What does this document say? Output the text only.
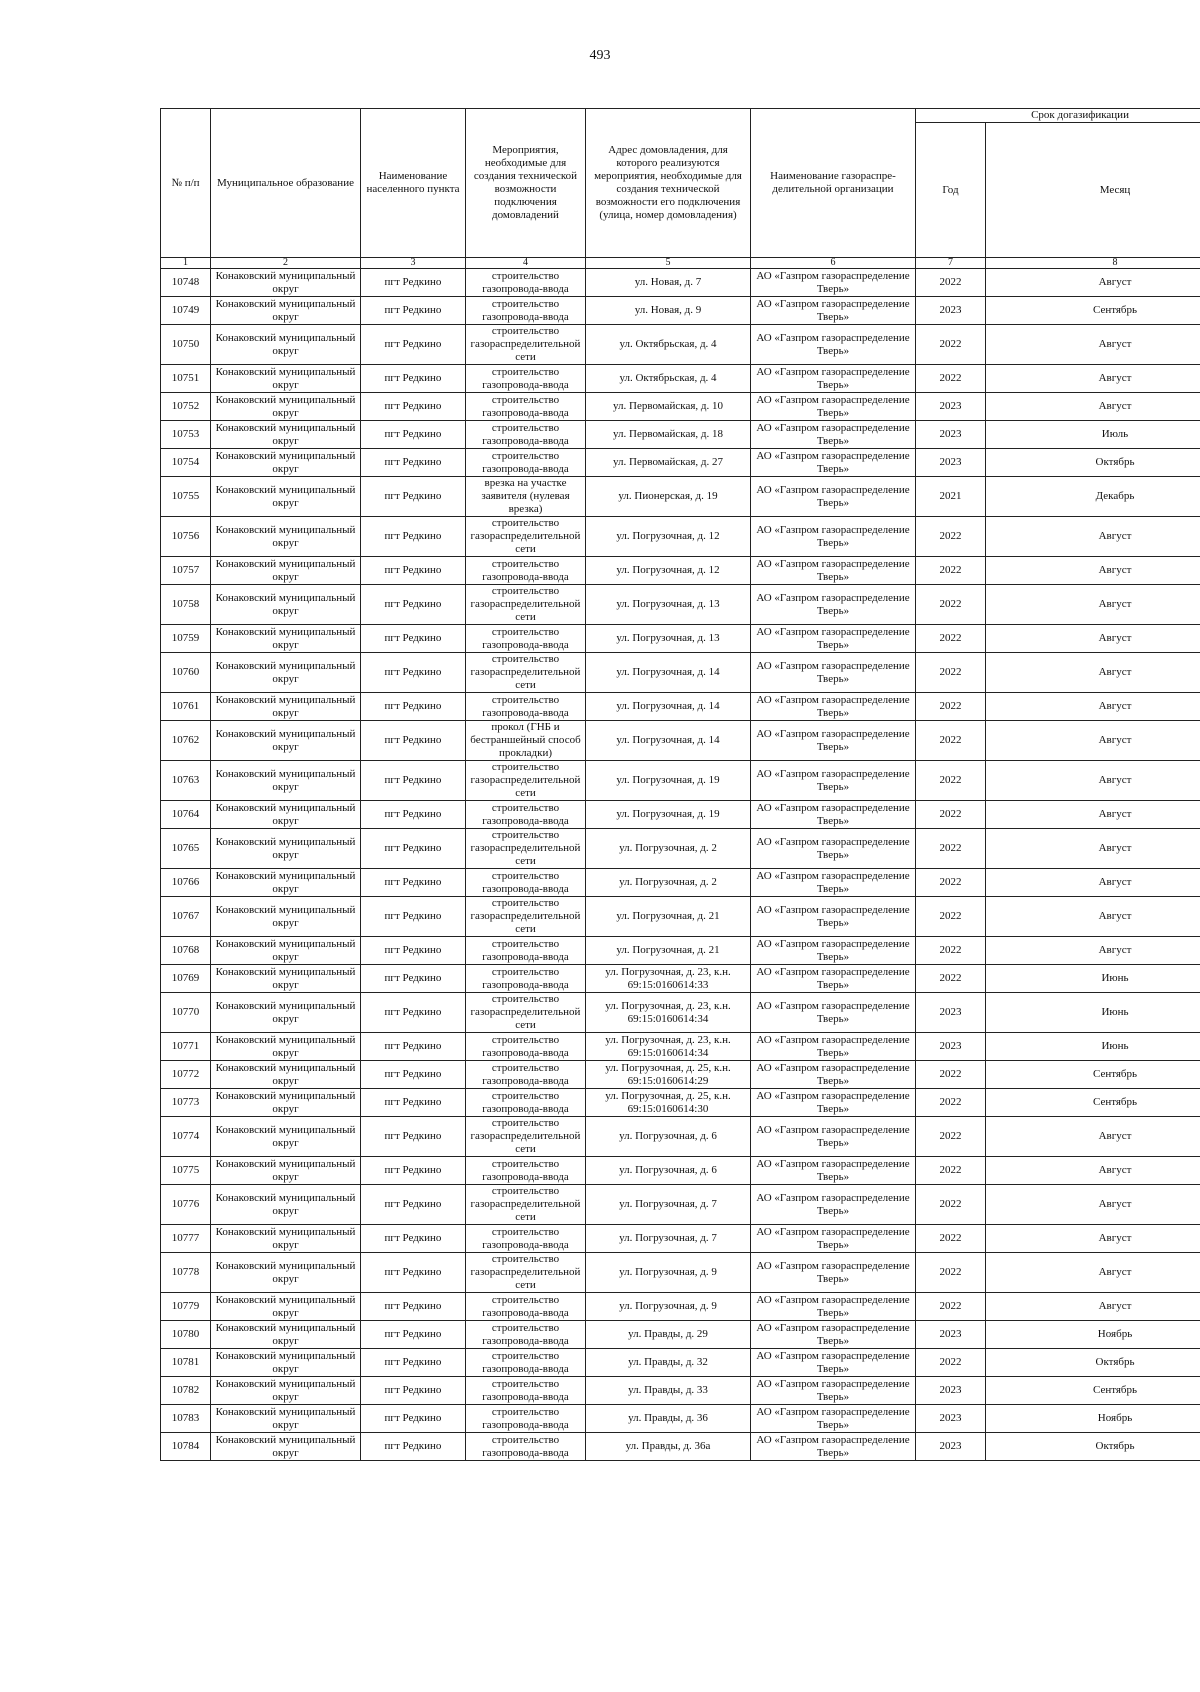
493
№ п/п	Муниципальное образование	Наименование населенного пункта	Мероприятия, необходимые для создания технической возможности подключения домовладений	Адрес домовладения, для которого реализуются мероприятия, необходимые для создания технической возможности его подключения (улица, номер домовладения)	Наименование газораспре-делительной организации	Срок догазификации	
						Год	Месяц
1	2	3	4	5	6	7	8
10748	Конаковский муниципальный округ	пгт Редкино	строительство газопровода-ввода	ул. Новая, д. 7	АО «Газпром газораспределение Тверь»	2022	Август
10749	Конаковский муниципальный округ	пгт Редкино	строительство газопровода-ввода	ул. Новая, д. 9	АО «Газпром газораспределение Тверь»	2023	Сентябрь
10750	Конаковский муниципальный округ	пгт Редкино	строительство газораспределительной сети	ул. Октябрьская, д. 4	АО «Газпром газораспределение Тверь»	2022	Август
10751	Конаковский муниципальный округ	пгт Редкино	строительство газопровода-ввода	ул. Октябрьская, д. 4	АО «Газпром газораспределение Тверь»	2022	Август
10752	Конаковский муниципальный округ	пгт Редкино	строительство газопровода-ввода	ул. Первомайская, д. 10	АО «Газпром газораспределение Тверь»	2023	Август
10753	Конаковский муниципальный округ	пгт Редкино	строительство газопровода-ввода	ул. Первомайская, д. 18	АО «Газпром газораспределение Тверь»	2023	Июль
10754	Конаковский муниципальный округ	пгт Редкино	строительство газопровода-ввода	ул. Первомайская, д. 27	АО «Газпром газораспределение Тверь»	2023	Октябрь
10755	Конаковский муниципальный округ	пгт Редкино	врезка на участке заявителя (нулевая врезка)	ул. Пионерская, д. 19	АО «Газпром газораспределение Тверь»	2021	Декабрь
10756	Конаковский муниципальный округ	пгт Редкино	строительство газораспределительной сети	ул. Погрузочная, д. 12	АО «Газпром газораспределение Тверь»	2022	Август
10757	Конаковский муниципальный округ	пгт Редкино	строительство газопровода-ввода	ул. Погрузочная, д. 12	АО «Газпром газораспределение Тверь»	2022	Август
10758	Конаковский муниципальный округ	пгт Редкино	строительство газораспределительной сети	ул. Погрузочная, д. 13	АО «Газпром газораспределение Тверь»	2022	Август
10759	Конаковский муниципальный округ	пгт Редкино	строительство газопровода-ввода	ул. Погрузочная, д. 13	АО «Газпром газораспределение Тверь»	2022	Август
10760	Конаковский муниципальный округ	пгт Редкино	строительство газораспределительной сети	ул. Погрузочная, д. 14	АО «Газпром газораспределение Тверь»	2022	Август
10761	Конаковский муниципальный округ	пгт Редкино	строительство газопровода-ввода	ул. Погрузочная, д. 14	АО «Газпром газораспределение Тверь»	2022	Август
10762	Конаковский муниципальный округ	пгт Редкино	прокол (ГНБ и бестраншейный способ прокладки)	ул. Погрузочная, д. 14	АО «Газпром газораспределение Тверь»	2022	Август
10763	Конаковский муниципальный округ	пгт Редкино	строительство газораспределительной сети	ул. Погрузочная, д. 19	АО «Газпром газораспределение Тверь»	2022	Август
10764	Конаковский муниципальный округ	пгт Редкино	строительство газопровода-ввода	ул. Погрузочная, д. 19	АО «Газпром газораспределение Тверь»	2022	Август
10765	Конаковский муниципальный округ	пгт Редкино	строительство газораспределительной сети	ул. Погрузочная, д. 2	АО «Газпром газораспределение Тверь»	2022	Август
10766	Конаковский муниципальный округ	пгт Редкино	строительство газопровода-ввода	ул. Погрузочная, д. 2	АО «Газпром газораспределение Тверь»	2022	Август
10767	Конаковский муниципальный округ	пгт Редкино	строительство газораспределительной сети	ул. Погрузочная, д. 21	АО «Газпром газораспределение Тверь»	2022	Август
10768	Конаковский муниципальный округ	пгт Редкино	строительство газопровода-ввода	ул. Погрузочная, д. 21	АО «Газпром газораспределение Тверь»	2022	Август
10769	Конаковский муниципальный округ	пгт Редкино	строительство газопровода-ввода	ул. Погрузочная, д. 23, к.н. 69:15:0160614:33	АО «Газпром газораспределение Тверь»	2022	Июнь
10770	Конаковский муниципальный округ	пгт Редкино	строительство газораспределительной сети	ул. Погрузочная, д. 23, к.н. 69:15:0160614:34	АО «Газпром газораспределение Тверь»	2023	Июнь
10771	Конаковский муниципальный округ	пгт Редкино	строительство газопровода-ввода	ул. Погрузочная, д. 23, к.н. 69:15:0160614:34	АО «Газпром газораспределение Тверь»	2023	Июнь
10772	Конаковский муниципальный округ	пгт Редкино	строительство газопровода-ввода	ул. Погрузочная, д. 25, к.н. 69:15:0160614:29	АО «Газпром газораспределение Тверь»	2022	Сентябрь
10773	Конаковский муниципальный округ	пгт Редкино	строительство газопровода-ввода	ул. Погрузочная, д. 25, к.н. 69:15:0160614:30	АО «Газпром газораспределение Тверь»	2022	Сентябрь
10774	Конаковский муниципальный округ	пгт Редкино	строительство газораспределительной сети	ул. Погрузочная, д. 6	АО «Газпром газораспределение Тверь»	2022	Август
10775	Конаковский муниципальный округ	пгт Редкино	строительство газопровода-ввода	ул. Погрузочная, д. 6	АО «Газпром газораспределение Тверь»	2022	Август
10776	Конаковский муниципальный округ	пгт Редкино	строительство газораспределительной сети	ул. Погрузочная, д. 7	АО «Газпром газораспределение Тверь»	2022	Август
10777	Конаковский муниципальный округ	пгт Редкино	строительство газопровода-ввода	ул. Погрузочная, д. 7	АО «Газпром газораспределение Тверь»	2022	Август
10778	Конаковский муниципальный округ	пгт Редкино	строительство газораспределительной сети	ул. Погрузочная, д. 9	АО «Газпром газораспределение Тверь»	2022	Август
10779	Конаковский муниципальный округ	пгт Редкино	строительство газопровода-ввода	ул. Погрузочная, д. 9	АО «Газпром газораспределение Тверь»	2022	Август
10780	Конаковский муниципальный округ	пгт Редкино	строительство газопровода-ввода	ул. Правды, д. 29	АО «Газпром газораспределение Тверь»	2023	Ноябрь
10781	Конаковский муниципальный округ	пгт Редкино	строительство газопровода-ввода	ул. Правды, д. 32	АО «Газпром газораспределение Тверь»	2022	Октябрь
10782	Конаковский муниципальный округ	пгт Редкино	строительство газопровода-ввода	ул. Правды, д. 33	АО «Газпром газораспределение Тверь»	2023	Сентябрь
10783	Конаковский муниципальный округ	пгт Редкино	строительство газопровода-ввода	ул. Правды, д. 36	АО «Газпром газораспределение Тверь»	2023	Ноябрь
10784	Конаковский муниципальный округ	пгт Редкино	строительство газопровода-ввода	ул. Правды, д. 36а	АО «Газпром газораспределение Тверь»	2023	Октябрь
